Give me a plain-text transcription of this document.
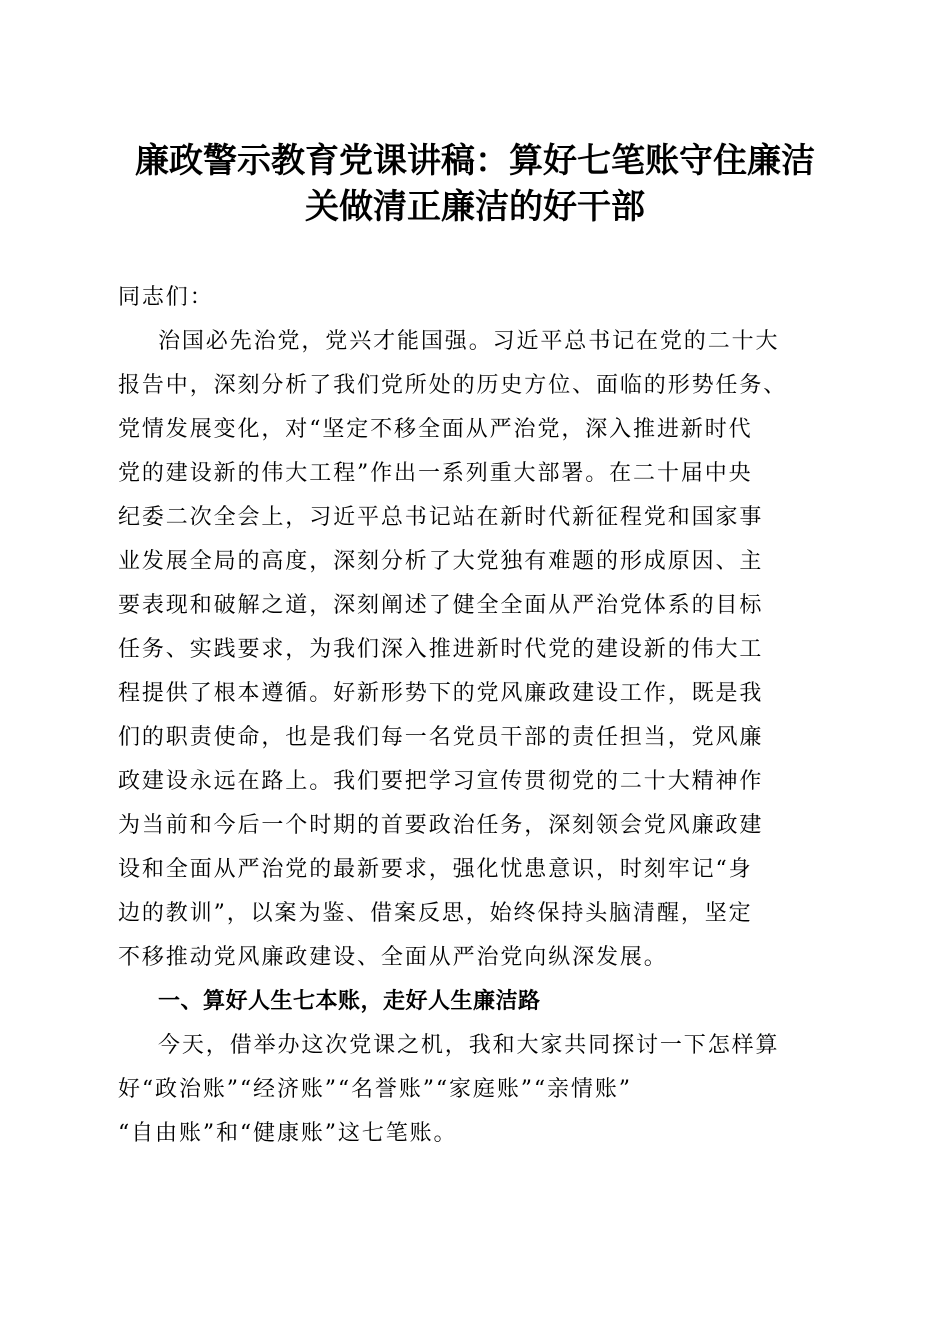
廉政警示教育党课讲稿：算好七笔账守住廉洁
关做清正廉洁的好干部
同志们：
治国必先治党，党兴才能国强。习近平总书记在党的二十大
报告中，深刻分析了我们党所处的历史方位、面临的形势任务、
党情发展变化，对“坚定不移全面从严治党，深入推进新时代
党的建设新的伟大工程”作出一系列重大部署。在二十届中央
纪委二次全会上，习近平总书记站在新时代新征程党和国家事
业发展全局的高度，深刻分析了大党独有难题的形成原因、主
要表现和破解之道，深刻阐述了健全全面从严治党体系的目标
任务、实践要求，为我们深入推进新时代党的建设新的伟大工
程提供了根本遵循。好新形势下的党风廉政建设工作，既是我
们的职责使命，也是我们每一名党员干部的责任担当，党风廉
政建设永远在路上。我们要把学习宣传贯彻党的二十大精神作
为当前和今后一个时期的首要政治任务，深刻领会党风廉政建
设和全面从严治党的最新要求，强化忧患意识，时刻牢记“身
边的教训”，以案为鉴、借案反思，始终保持头脑清醒，坚定
不移推动党风廉政建设、全面从严治党向纵深发展。
一、算好人生七本账，走好人生廉洁路
今天，借举办这次党课之机，我和大家共同探讨一下怎样算
好“政治账”“经济账”“名誉账”“家庭账”“亲情账”
“自由账”和“健康账”这七笔账。
